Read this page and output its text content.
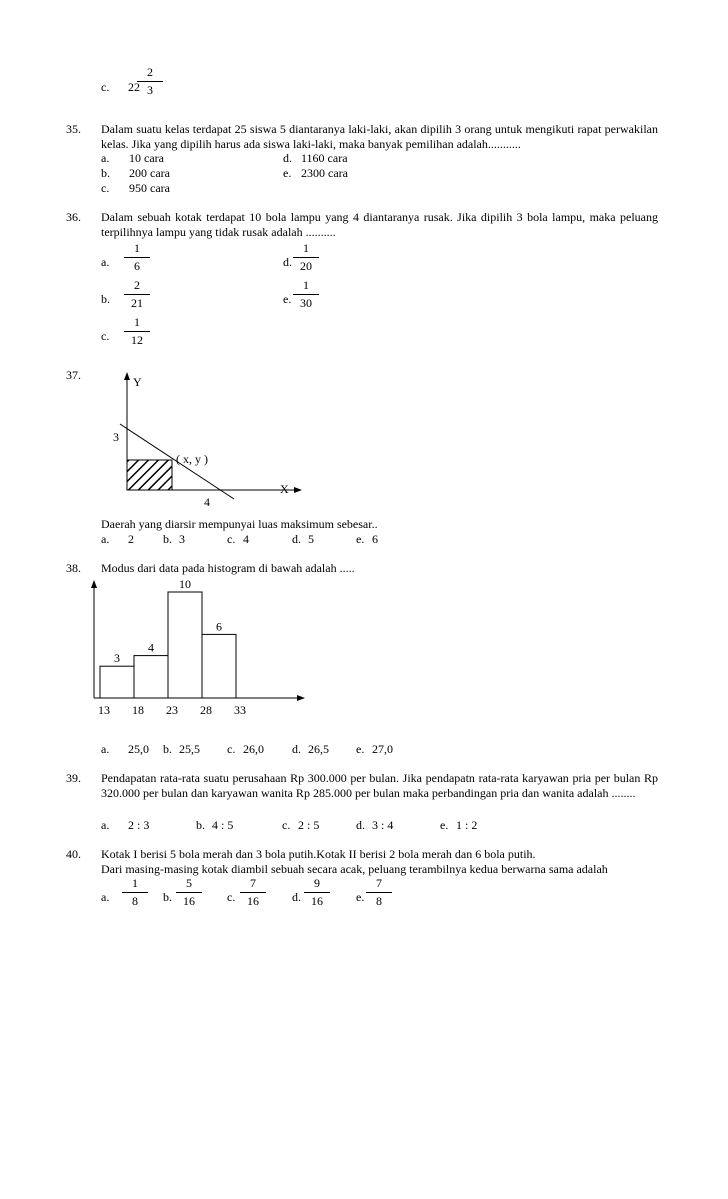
c. 22
2
3
35. Dalam suatu kelas terdapat 25 siswa 5 diantaranya laki-laki, akan dipilih 3 orang untuk mengikuti rapat perwakilan kelas. Jika yang dipilih harus ada siswa laki-laki, maka banyak pemilihan adalah...........
a. 10 cara
b. 200 cara
c. 950 cara
d. 1160 cara
e. 2300 cara
36. Dalam sebuah kotak terdapat 10 bola lampu yang 4 diantaranya rusak. Jika dipilih 3 bola lampu, maka peluang terpilihnya lampu yang tidak rusak adalah ..........
a.
1
6
b.
2
21
c.
1
12
d.
1
20
e.
1
30
37.	Y
X
3
4
( x, y )
Daerah yang diarsir mempunyai luas maksimum sebesar..
a. 2 b. 3	c. 4	d. 5	e. 6
38. Modus dari data pada histogram di bawah adalah .....
3
4
10
6
13 18 23 28 33
a. 25,0 b. 25,5 c. 26,0 d. 26,5 e. 27,0
39. Pendapatan rata-rata suatu perusahaan Rp 300.000 per bulan. Jika pendapatn rata-rata karyawan pria per bulan Rp 320.000 per bulan dan karyawan wanita Rp 285.000 per bulan maka perbandingan pria dan wanita adalah ........
a. 2 : 3	b. 4 : 5	c. 2 : 5	d. 3 : 4	e. 1 : 2
40. Kotak I berisi 5 bola merah dan 3 bola putih.Kotak II berisi 2 bola merah dan 6 bola putih.
Dari masing-masing kotak diambil sebuah secara acak, peluang terambilnya kedua berwarna sama adalah
a.
1
8	b.
5
16	c.
7
16	d.
9
16	e.
7
8
